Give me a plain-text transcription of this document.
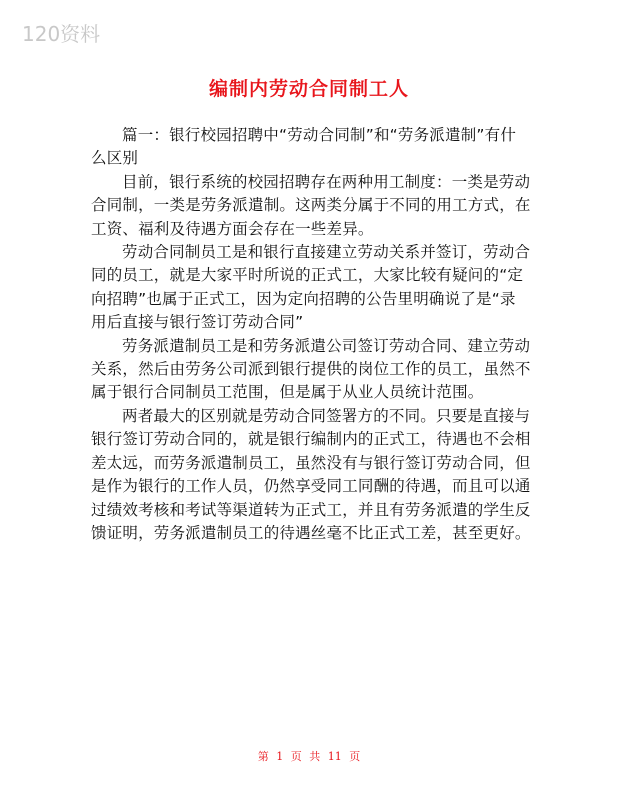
120资料
编制内劳动合同制工人

篇一：银行校园招聘中“劳动合同制”和“劳务派遣制”有什么区别

目前，银行系统的校园招聘存在两种用工制度：一类是劳动合同制，一类是劳务派遣制。这两类分属于不同的用工方式，在工资、福利及待遇方面会存在一些差异。

劳动合同制员工是和银行直接建立劳动关系并签订，劳动合同的员工，就是大家平时所说的正式工，大家比较有疑问的“定向招聘”也属于正式工，因为定向招聘的公告里明确说了是“录用后直接与银行签订劳动合同”

劳务派遣制员工是和劳务派遣公司签订劳动合同、建立劳动关系，然后由劳务公司派到银行提供的岗位工作的员工，虽然不属于银行合同制员工范围，但是属于从业人员统计范围。

两者最大的区别就是劳动合同签署方的不同。只要是直接与银行签订劳动合同的，就是银行编制内的正式工，待遇也不会相差太远，而劳务派遣制员工，虽然没有与银行签订劳动合同，但是作为银行的工作人员，仍然享受同工同酬的待遇，而且可以通过绩效考核和考试等渠道转为正式工，并且有劳务派遣的学生反馈证明，劳务派遣制员工的待遇丝毫不比正式工差，甚至更好。

第 1 页 共 11 页
